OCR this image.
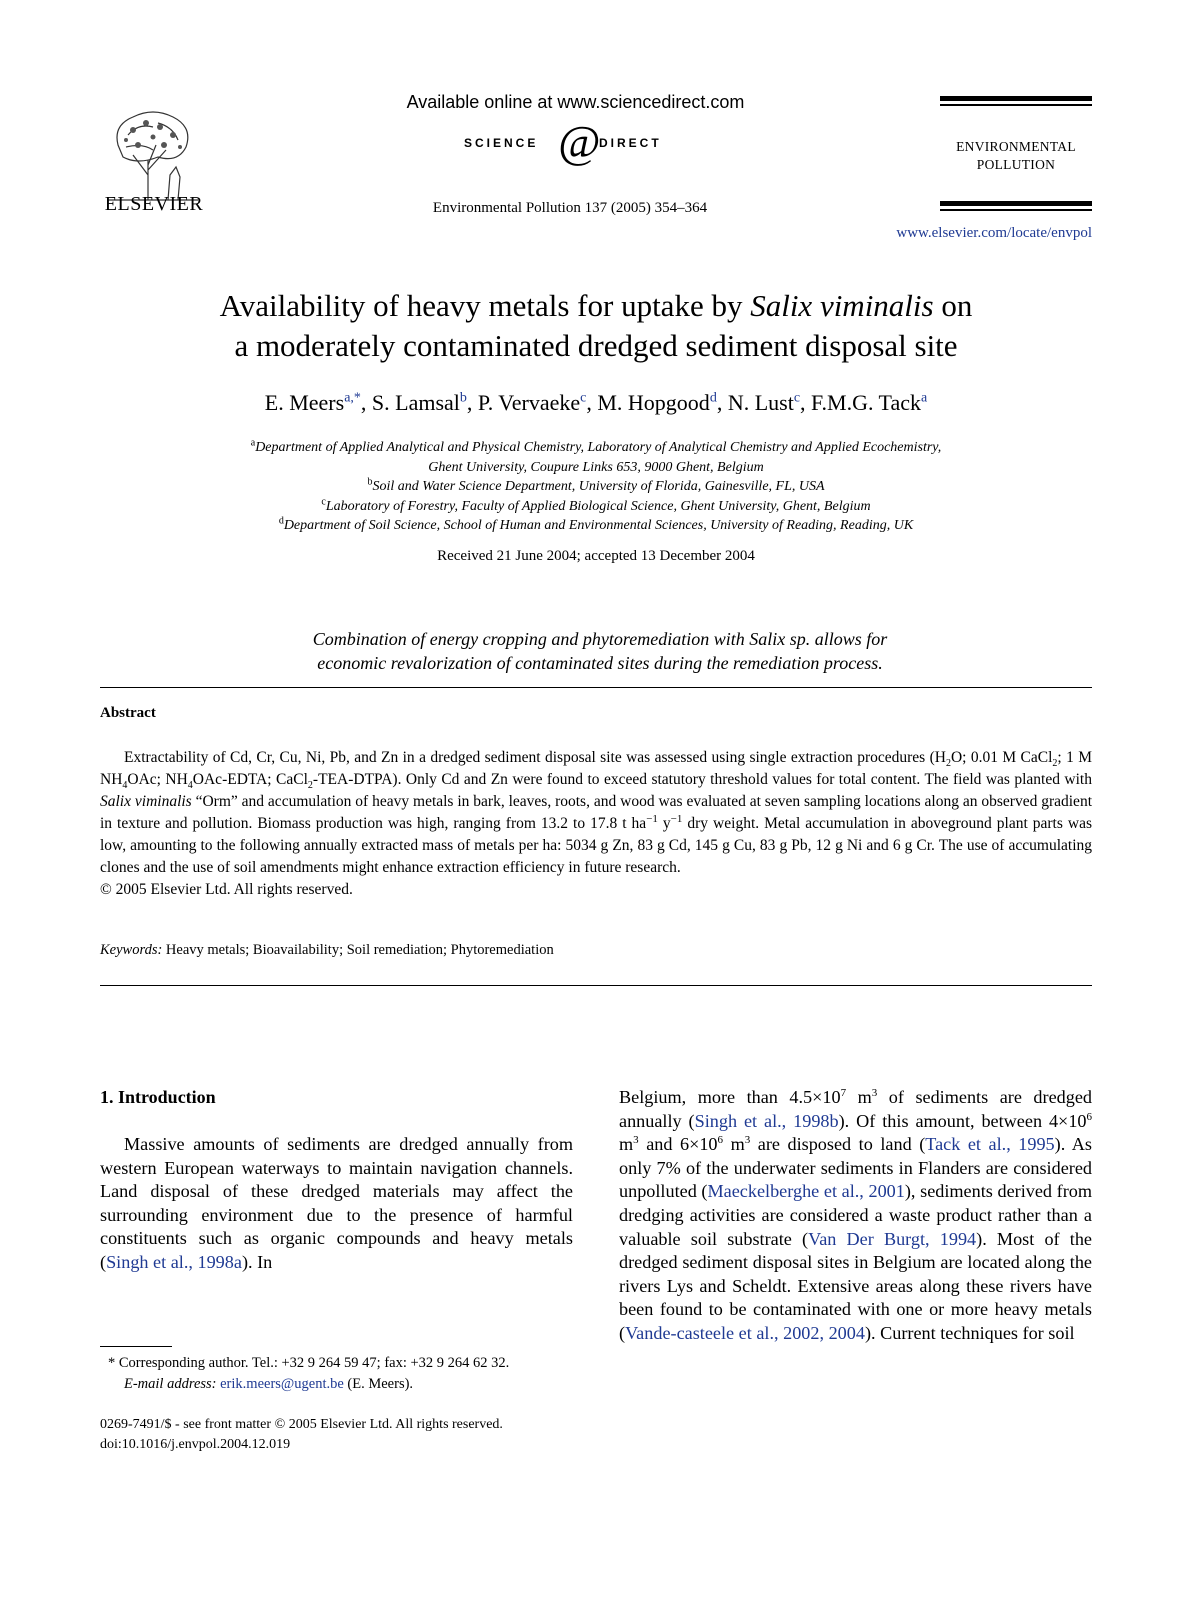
ELSEVIER
Available online at www.sciencedirect.com
SCIENCE @
DIRECT
Environmental Pollution 137 (2005) 354–364
ENVIRONMENTAL
POLLUTION
www.elsevier.com/locate/envpol
Availability of heavy metals for uptake by Salix viminalis on
a moderately contaminated dredged sediment disposal site
E. Meers$^{a,*}$, S. Lamsal$^b$, P. Vervaeke$^c$, M. Hopgood$^d$, N. Lust$^c$, F.M.G. Tack$^a$
$^a$Department of Applied Analytical and Physical Chemistry, Laboratory of Analytical Chemistry and Applied Ecochemistry,
Ghent University, Coupure Links 653, 9000 Ghent, Belgium
$^b$Soil and Water Science Department, University of Florida, Gainesville, FL, USA
$^c$Laboratory of Forestry, Faculty of Applied Biological Science, Ghent University, Ghent, Belgium
$^d$Department of Soil Science, School of Human and Environmental Sciences, University of Reading, Reading, UK
Received 21 June 2004; accepted 13 December 2004
Combination of energy cropping and phytoremediation with Salix sp. allows for
economic revalorization of contaminated sites during the remediation process.
Abstract

Extractability of Cd, Cr, Cu, Ni, Pb, and Zn in a dredged sediment disposal site was assessed using single extraction procedures ($H_2O$; 0.01 M CaCl$_2$; 1 M $NH_4OAc$; $NH_4OAc$-EDTA; CaCl$_2$-TEA-DTPA). Only Cd and Zn were found to exceed statutory threshold values for total content. The field was planted with Salix viminalis “Orm” and accumulation of heavy metals in bark, leaves, roots, and wood was evaluated at seven sampling locations along an observed gradient in texture and pollution. Biomass production was high, ranging from 13.2 to 17.8 t $ha^{-1}$ $y^{-1}$ dry weight. Metal accumulation in aboveground plant parts was low, amounting to the following annually extracted mass of metals per ha: 5034 g Zn, 83 g Cd, 145 g Cu, 83 g Pb, 12 g Ni and 6 g Cr. The use of accumulating clones and the use of soil amendments might enhance extraction efficiency in future research.

© 2005 Elsevier Ltd. All rights reserved.
Keywords: Heavy metals; Bioavailability; Soil remediation; Phytoremediation
1. Introduction

Massive amounts of sediments are dredged annually from western European waterways to maintain navigation channels. Land disposal of these dredged materials may affect the surrounding environment due to the presence of harmful constituents such as organic compounds and heavy metals (Singh et al., 1998a). In

Belgium, more than $4.5\times 10^7$ $m^3$ of sediments are dredged annually (Singh et al., 1998b). Of this amount, between $4\times 10^6$ $m^3$ and $6\times 10^6$ $m^3$ are disposed to land (Tack et al., 1995). As only 7% of the underwater sediments in Flanders are considered unpolluted (Maeckelberghe et al., 2001), sediments derived from dredging activities are considered a waste product rather than a valuable soil substrate (Van Der Burgt, 1994). Most of the dredged sediment disposal sites in Belgium are located along the rivers Lys and Scheldt. Extensive areas along these rivers have been found to be contaminated with one or more heavy metals (Vande-casteele et al., 2002, 2004). Current techniques for soil

* Corresponding author. Tel.: +32 9 264 59 47; fax: +32 9 264 62 32.
E-mail address: erik.meers@ugent.be (E. Meers).
0269-7491/$ - see front matter © 2005 Elsevier Ltd. All rights reserved.
doi:10.1016/j.envpol.2004.12.019
